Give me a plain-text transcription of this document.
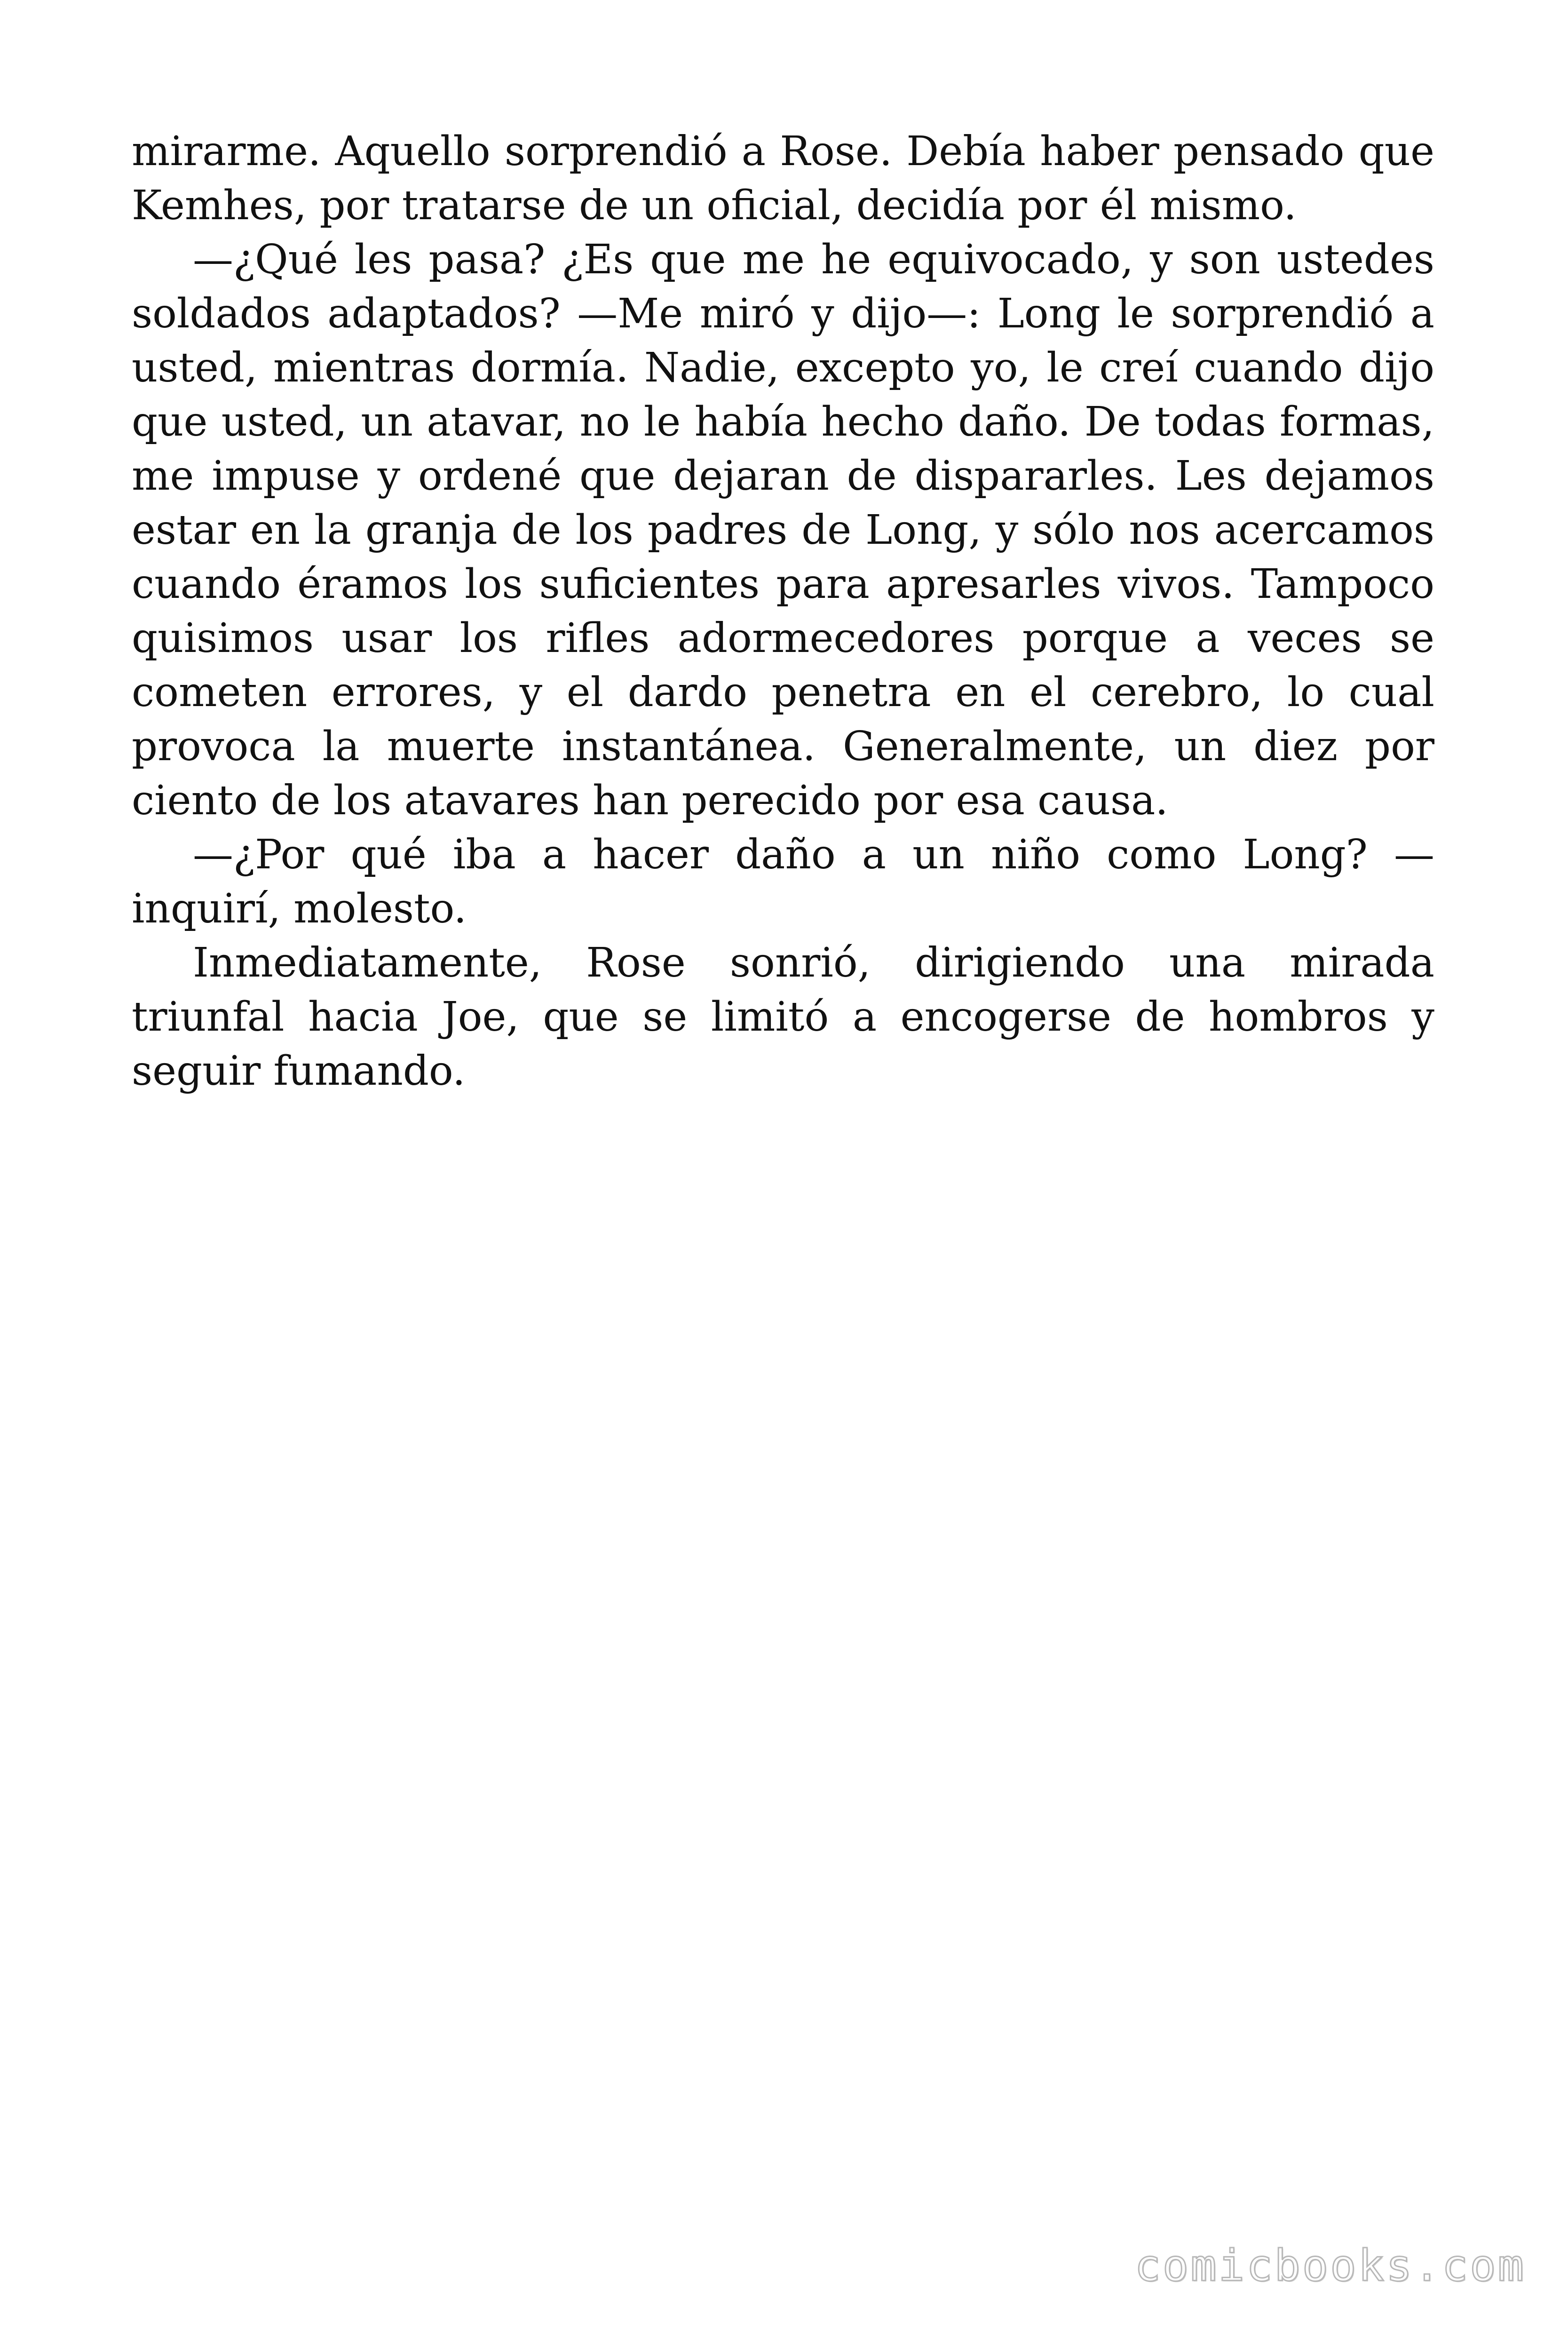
mirarme. Aquello sorprendió a Rose. Debía haber pensado que Kemhes, por tratarse de un oficial, decidía por él mismo.

—¿Qué les pasa? ¿Es que me he equivocado, y son ustedes soldados adaptados? —Me miró y dijo—: Long le sorprendió a usted, mientras dormía. Nadie, excepto yo, le creí cuando dijo que usted, un atavar, no le había hecho daño. De todas formas, me impuse y ordené que dejaran de dispararles. Les dejamos estar en la granja de los padres de Long, y sólo nos acercamos cuando éramos los suficientes para apresarles vivos. Tampoco quisimos usar los rifles adormecedores porque a veces se cometen errores, y el dardo penetra en el cerebro, lo cual provoca la muerte instantánea. Generalmente, un diez por ciento de los atavares han perecido por esa causa.

—¿Por qué iba a hacer daño a un niño como Long? —inquirí, molesto.

Inmediatamente, Rose sonrió, dirigiendo una mirada triunfal hacia Joe, que se limitó a encogerse de hombros y seguir fumando.

comicbooks.com
